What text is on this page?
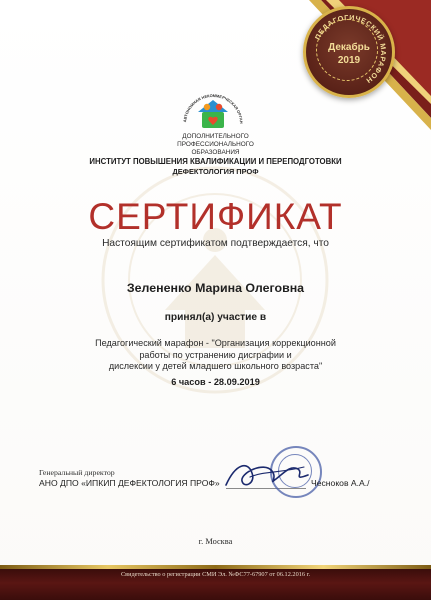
ПЕДАГОГИЧЕСКИЙ МАРАФОН
Декабрь
2019
АВТОНОМНАЯ НЕКОММЕРЧЕСКАЯ ОРГАН
ДОПОЛНИТЕЛЬНОГО
ПРОФЕССИОНАЛЬНОГО
ОБРАЗОВАНИЯ
ИНСТИТУТ ПОВЫШЕНИЯ КВАЛИФИКАЦИИ И ПЕРЕПОДГОТОВКИ
ДЕФЕКТОЛОГИЯ ПРОФ
СЕРТИФИКАТ
Настоящим сертификатом подтверждается, что
Зелененко Марина Олеговна
принял(а) участие в
Педагогический марафон - "Организация коррекционной
работы по устранению дисграфии и
дислексии у детей младшего школьного возраста"
6 часов - 28.09.2019
Генеральный директор
АНО ДПО «ИПКИП ДЕФЕКТОЛОГИЯ ПРОФ»	Чесноков А.А./
г. Москва
Свидетельство о регистрации СМИ Эл. №ФС77-67907 от 06.12.2016 г.
